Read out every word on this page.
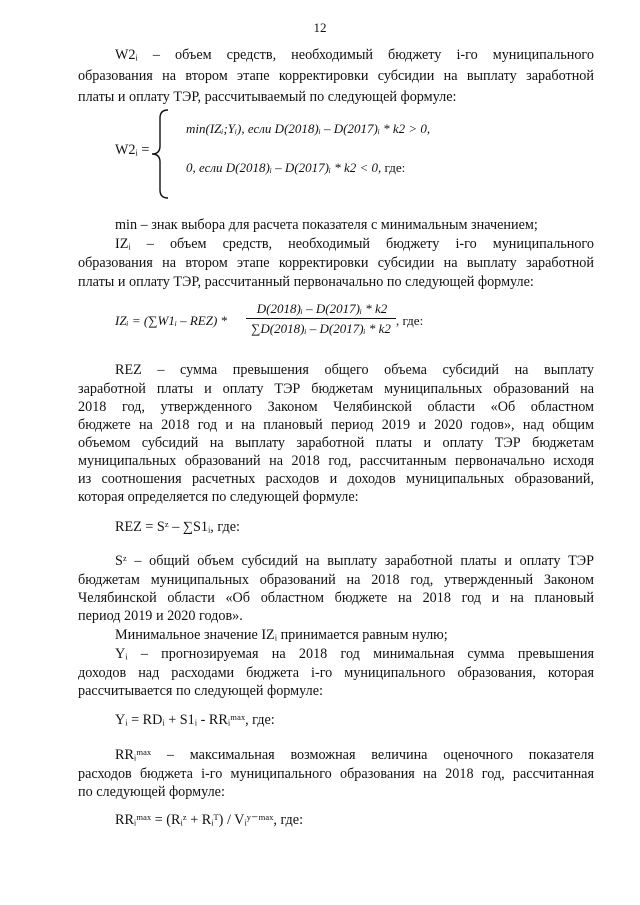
12
W2ᵢ – объем средств, необходимый бюджету i-го муниципального
образования на втором этапе корректировки субсидии на выплату заработной
платы и оплату ТЭР, рассчитываемый по следующей формуле:
W2ᵢ =
min(IZᵢ;Yᵢ), если D(2018)ᵢ – D(2017)ᵢ * k2 > 0,
0, если D(2018)ᵢ – D(2017)ᵢ * k2 < 0, где:
min – знак выбора для расчета показателя с минимальным значением;
IZᵢ – объем средств, необходимый бюджету i-го муниципального
образования на втором этапе корректировки субсидии на выплату заработной
платы и оплату ТЭР, рассчитанный первоначально по следующей формуле:
IZᵢ = (∑W1ᵢ – REZ) *
D(2018)ᵢ – D(2017)ᵢ * k2
∑D(2018)ᵢ – D(2017)ᵢ * k2
, где:
REZ – сумма превышения общего объема субсидий на выплату
заработной платы и оплату ТЭР бюджетам муниципальных образований на
2018 год, утвержденного Законом Челябинской области «Об областном
бюджете на 2018 год и на плановый период 2019 и 2020 годов», над общим
объемом субсидий на выплату заработной платы и оплату ТЭР бюджетам
муниципальных образований на 2018 год, рассчитанным первоначально исходя
из соотношения расчетных расходов и доходов муниципальных образований,
которая определяется по следующей формуле:
REZ = Sᶻ – ∑S1ᵢ, где:
Sᶻ – общий объем субсидий на выплату заработной платы и оплату ТЭР
бюджетам муниципальных образований на 2018 год, утвержденный Законом
Челябинской области «Об областном бюджете на 2018 год и на плановый
период 2019 и 2020 годов».
Минимальное значение IZᵢ принимается равным нулю;
Yᵢ – прогнозируемая на 2018 год минимальная сумма превышения
доходов над расходами бюджета i-го муниципального образования, которая
рассчитывается по следующей формуле:
Yᵢ = RDᵢ + S1ᵢ - RRᵢᵐᵃˣ, где:
RRᵢᵐᵃˣ – максимальная возможная величина оценочного показателя
расходов бюджета i-го муниципального образования на 2018 год, рассчитанная
по следующей формуле:
RRᵢᵐᵃˣ = (Rᵢᶻ + Rᵢᵀ) / Vᵢʸ⁻ᵐᵃˣ, где:
